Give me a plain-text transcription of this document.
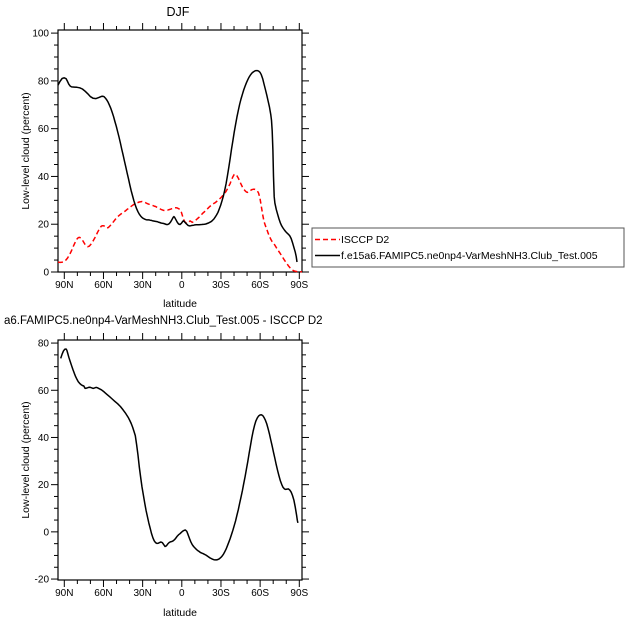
90N 60N 30N	0	30S 60S 90S
0
20
40
60
80
100
DJF
latitude
Low-level cloud (percent)
90N 60N 30N	0	30S 60S 90S
-20
0
20
40
60
80
a6.FAMIPC5.ne0np4-VarMeshNH3.Club_Test.005 - ISCCP D2
latitude
Low-level cloud (percent)
ISCCP D2
f.e15a6.FAMIPC5.ne0np4-VarMeshNH3.Club_Test.005
